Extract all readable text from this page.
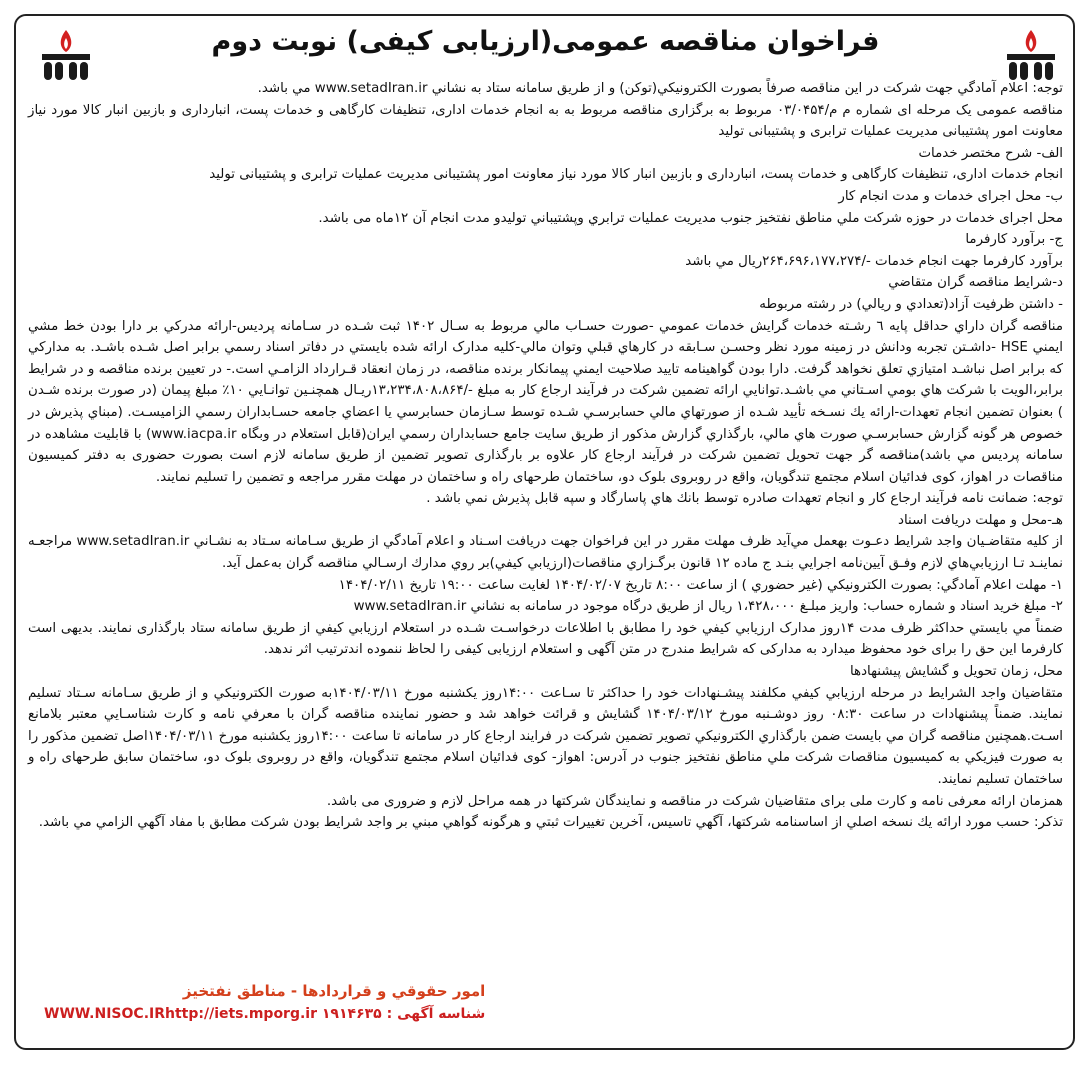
فراخوان مناقصه عمومی(ارزیابی کیفی) نوبت دوم

توجه: اعلام آمادگي جهت شرکت در اين مناقصه صرفاً بصورت الکترونيکي(توکن) و از طريق سامانه ستاد به نشاني www.setadIran.ir مي باشد.

مناقصه عمومی یک مرحله ای شماره م م/۰۳/۰۴۵۴ مربوط به برگزاری مناقصه مربوط به به انجام خدمات اداری، تنظیفات کارگاهی و خدمات پست، انبارداری و بازبین انبار کالا مورد نیاز معاونت امور پشتیبانی مدیریت عملیات ترابری و پشتیبانی تولید

الف- شرح مختصر خدمات

انجام خدمات اداری، تنظیفات کارگاهی و خدمات پست، انبارداری و بازبین انبار کالا مورد نیاز معاونت امور پشتیبانی مدیریت عملیات ترابری و پشتیبانی تولید

ب- محل اجرای خدمات و مدت انجام کار

محل اجرای خدمات در حوزه شرکت ملي مناطق نفتخيز جنوب مديريت عمليات ترابري وپشتيباني توليدو مدت انجام آن ۱۲ماه می باشد.

ج- برآورد کارفرما

برآورد کارفرما جهت انجام خدمات -/۲۶۴،۶۹۶،۱۷۷،۲۷۴ریال مي باشد

د-شرايط مناقصه گران متقاضي

- داشتن ظرفيت آزاد(تعدادي و ريالي) در رشته مربوطه

مناقصه گران داراي حداقل پايه ٦ رشـته خدمات گرايش خدمات عمومي -صورت حسـاب مالي مربوط به سـال ۱۴۰۲ ثبت شـده در سـامانه پرديس-ارائه مدرکي بر دارا بودن خط مشي ايمني HSE -داشـتن تجربه ودانش در زمينه مورد نظر وحسـن سـابقه در کارهاي قبلي وتوان مالي-کليه مدارک ارائه شده بايستي در دفاتر اسناد رسمي برابر اصل شـده باشـد. به مدارکي که برابر اصل نباشـد امتيازي تعلق نخواهد گرفت. دارا بودن گواهينامه تاييد صلاحيت ايمني پيمانكار برنده مناقصه، در زمان انعقاد قـرارداد الزامـي است.- در تعيين برنده مناقصه و در شرايط برابر،الويت با شرکت هاي بومي اسـتاني مي باشـد.توانايي ارائه تضمين شرکت در فرآيند ارجاع کار به مبلغ -/۱۳،۲۳۴،۸۰۸،۸۶۴ريـال همچنـين توانـايي ۱۰٪ مبلغ پيمان (در صورت برنده شـدن ) بعنوان تضمين انجام تعهدات-ارائه يك نسـخه تأييد شـده از صورتهاي مالي حسابرسـي شـده توسط سـازمان حسابرسي يا اعضاي جامعه حسـابداران رسمي الزاميسـت. (مبناي پذيرش در خصوص هر گونه گزارش حسابرسـي صورت هاي مالي، بارگذاري گزارش مذكور از طريق سايت جامع حسابداران رسمي ايران(قابل استعلام در وبگاه www.iacpa.ir) با قابليت مشاهده در سامانه پرديس مي باشد)مناقصه گر جهت تحويل تضمين شرکت در فرآيند ارجاع کار علاوه بر بارگذاری تصوير تضمين از طريق سامانه لازم است بصورت حضوری به دفتر کميسيون مناقصات در اهواز، کوی فدائيان اسلام مجتمع تندگويان، واقع در روبروی بلوک دو، ساختمان طرحهای راه و ساختمان در مهلت مقرر مراجعه و تضمين را تسليم نمايند.

توجه: ضمانت نامه فرآیند ارجاع کار و انجام تعهدات صادره توسط بانك هاي پاسارگاد و سپه قابل پذيرش نمي باشد .

هـ-محل و مهلت دريافت اسناد

از کليه متقاضـيان واجد شرايط دعـوت بهعمل مي‌آيد ظرف مهلت مقرر در اين فراخوان جهت دريافت اسـناد و اعلام آمادگي از طريق سـامانه سـتاد به نشـاني www.setadIran.ir مراجعـه نماينـد تـا ارزيابي‌هاي لازم وفـق آيين‌نامه اجرايي بنـد ج ماده ۱۲ قانون برگـزاري مناقصات(ارزيابي كيفي)بر روي مدارك ارسـالي مناقصه گران به‌عمل آيد.

۱- مهلت اعلام آمادگي: بصورت الکترونيکي (غير حضوري ) از ساعت ۸:۰۰ تاريخ ۱۴۰۴/۰۲/۰۷ لغايت ساعت ۱۹:۰۰ تاريخ ۱۴۰۴/۰۲/۱۱

۲- مبلغ خريد اسناد و شماره حساب: واريز مبلـغ ۱،۴۲۸،۰۰۰ ريال از طريق درگاه موجود در سامانه به نشاني www.setadIran.ir

ضمناً مي بايستي حداكثر ظرف مدت ۱۴روز مدارک ارزيابي کيفي خود را مطابق با اطلاعات درخواسـت شـده در استعلام ارزيابي کيفي از طريق سامانه ستاد بارگذاری نمايند. بديهی است كارفرما اين حق را برای خود محفوظ ميدارد به مداركی كه شرايط مندرج در متن آگهی و استعلام ارزيابی كيفی را لحاظ ننموده اندترتيب اثر ندهد.

محل، زمان تحويل و گشايش پيشنهادها

متقاضيان واجد الشرايط در مرحله ارزيابي کيفي مکلفند پيشـنهادات خود را حداکثر تا سـاعت ۱۴:۰۰روز يكشنبه مورخ ۱۴۰۴/۰۳/۱۱به صورت الکترونيکي و از طريق سـامانه سـتاد تسليم نمايند. ضمناً پيشنهادات در ساعت ۰۸:۳۰ روز دوشـنبه مورخ ۱۴۰۴/۰۳/۱۲ گشايش و قرائت خواهد شد و حضور نماينده مناقصه گران با معرفي نامه و کارت شناسـايي معتبر بلامانع اسـت.همچنين مناقصه گران مي بايست ضمن بارگذاري الكترونيكي تصوير تضمين شركت در فرايند ارجاع كار در سامانه تا ساعت ۱۴:۰۰روز يكشنبه مورخ ۱۴۰۴/۰۳/۱۱اصل تضمين مذكور را به صورت فيزيكي به کميسيون مناقصات شرکت ملي مناطق نفتخيز جنوب در آدرس: اهواز- کوی فدائيان اسلام مجتمع تندگويان، واقع در روبروی بلوک دو، ساختمان سابق طرحهای راه و ساختمان تسليم نمايند.

همزمان ارائه معرفی نامه و کارت ملی برای متقاضيان شرکت در مناقصه و نمايندگان شرکتها در همه مراحل لازم و ضروری می باشد.

تذكر: حسب مورد ارائه يك نسخه اصلي از اساسنامه شركتها، آگهي تاسيس، آخرين تغييرات ثبتي و هرگونه گواهي مبني بر واجد شرايط بودن شركت مطابق با مفاد آگهي الزامي مي باشد.

امور حقوقي و قراردادها - مناطق نفتخيز
WWW.NISOC.IRhttp://iets.mporg.ir	شناسه آگهی : ۱۹۱۴۶۳۵
